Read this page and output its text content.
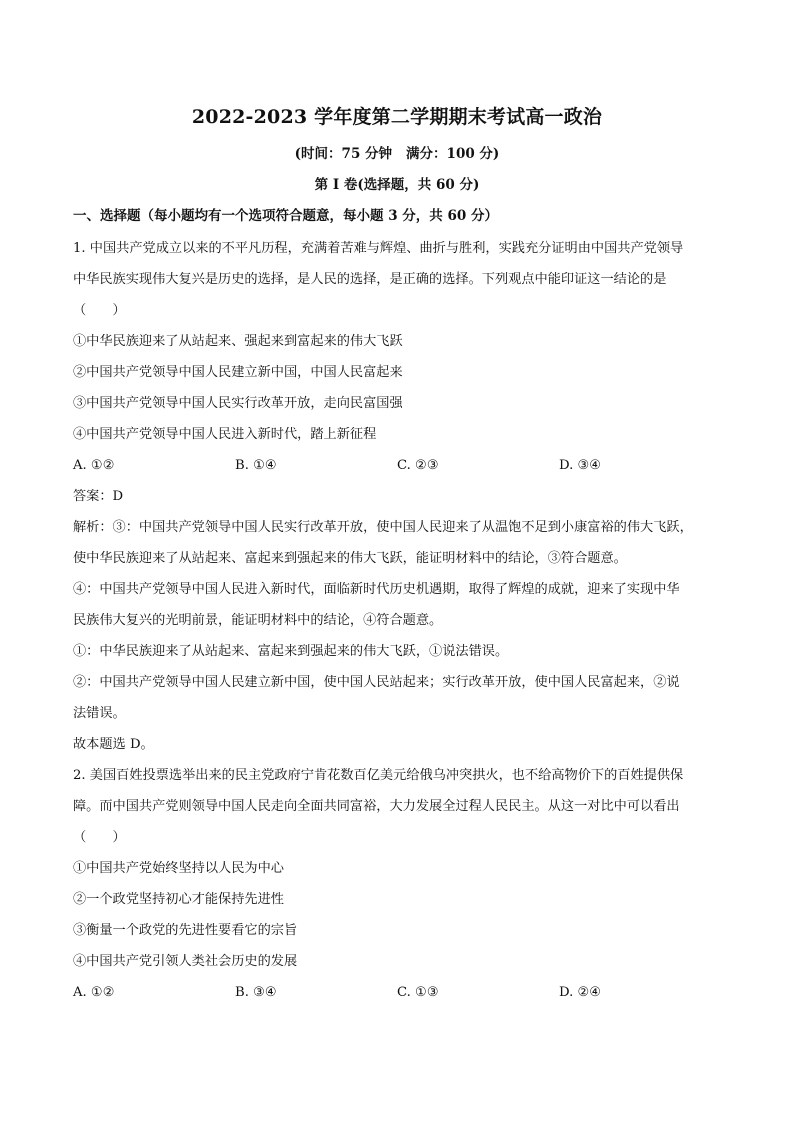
2022-2023 学年度第二学期期末考试高一政治
(时间：75 分钟 满分：100 分)
第 I 卷(选择题，共 60 分)
一、选择题（每小题均有一个选项符合题意，每小题 3 分，共 60 分）
1. 中国共产党成立以来的不平凡历程，充满着苦难与辉煌、曲折与胜利，实践充分证明由中国共产党领导
中华民族实现伟大复兴是历史的选择，是人民的选择，是正确的选择。下列观点中能印证这一结论的是
（　　）
①中华民族迎来了从站起来、强起来到富起来的伟大飞跃
②中国共产党领导中国人民建立新中国，中国人民富起来
③中国共产党领导中国人民实行改革开放，走向民富国强
④中国共产党领导中国人民进入新时代，踏上新征程
A. ①②	B. ①④	C. ②③	D. ③④
答案：D
解析：③：中国共产党领导中国人民实行改革开放，使中国人民迎来了从温饱不足到小康富裕的伟大飞跃，
使中华民族迎来了从站起来、富起来到强起来的伟大飞跃，能证明材料中的结论，③符合题意。
④：中国共产党领导中国人民进入新时代，面临新时代历史机遇期，取得了辉煌的成就，迎来了实现中华
民族伟大复兴的光明前景，能证明材料中的结论，④符合题意。
①：中华民族迎来了从站起来、富起来到强起来的伟大飞跃，①说法错误。
②：中国共产党领导中国人民建立新中国，使中国人民站起来；实行改革开放，使中国人民富起来，②说
法错误。
故本题选 D。
2. 美国百姓投票选举出来的民主党政府宁肯花数百亿美元给俄乌冲突拱火，也不给高物价下的百姓提供保
障。而中国共产党则领导中国人民走向全面共同富裕，大力发展全过程人民民主。从这一对比中可以看出
（　　）
①中国共产党始终坚持以人民为中心
②一个政党坚持初心才能保持先进性
③衡量一个政党的先进性要看它的宗旨
④中国共产党引领人类社会历史的发展
A. ①②	B. ③④	C. ①③	D. ②④
